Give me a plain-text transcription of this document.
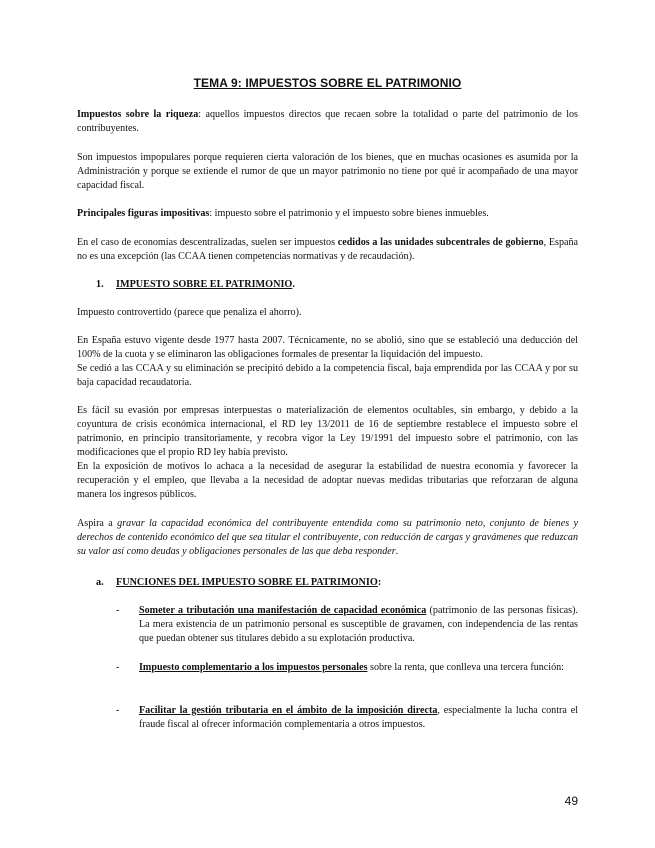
TEMA 9: IMPUESTOS SOBRE EL PATRIMONIO

Impuestos sobre la riqueza: aquellos impuestos directos que recaen sobre la totalidad o parte del patrimonio de los contribuyentes.

Son impuestos impopulares porque requieren cierta valoración de los bienes, que en muchas ocasiones es asumida por la Administración y porque se extiende el rumor de que un mayor patrimonio no tiene por qué ir acompañado de una mayor capacidad fiscal.

Principales figuras impositivas: impuesto sobre el patrimonio y el impuesto sobre bienes inmuebles.

En el caso de economías descentralizadas, suelen ser impuestos cedidos a las unidades subcentrales de gobierno, España no es una excepción (las CCAA tienen competencias normativas y de recaudación).

1. IMPUESTO SOBRE EL PATRIMONIO.

Impuesto controvertido (parece que penaliza el ahorro).

En España estuvo vigente desde 1977 hasta 2007. Técnicamente, no se abolió, sino que se estableció una deducción del 100% de la cuota y se eliminaron las obligaciones formales de presentar la liquidación del impuesto.

Se cedió a las CCAA y su eliminación se precipitó debido a la competencia fiscal, baja emprendida por las CCAA y por su baja capacidad recaudatoria.

Es fácil su evasión por empresas interpuestas o materialización de elementos ocultables, sin embargo, y debido a la coyuntura de crisis económica internacional, el RD ley 13/2011 de 16 de septiembre restablece el impuesto sobre el patrimonio, en principio transitoriamente, y recobra vigor la Ley 19/1991 del impuesto sobre el patrimonio, con las modificaciones que el propio RD ley había previsto.

En la exposición de motivos lo achaca a la necesidad de asegurar la estabilidad de nuestra economía y favorecer la recuperación y el empleo, que llevaba a la necesidad de adoptar nuevas medidas tributarias que reforzaran de alguna manera los ingresos públicos.

Aspira a gravar la capacidad económica del contribuyente entendida como su patrimonio neto, conjunto de bienes y derechos de contenido económico del que sea titular el contribuyente, con reducción de cargas y gravámenes que reduzcan su valor así como deudas y obligaciones personales de las que deba responder.

a. FUNCIONES DEL IMPUESTO SOBRE EL PATRIMONIO:
- Someter a tributación una manifestación de capacidad económica (patrimonio de las personas físicas). La mera existencia de un patrimonio personal es susceptible de gravamen, con independencia de las rentas que puedan obtener sus titulares debido a su explotación productiva.
- Impuesto complementario a los impuestos personales sobre la renta, que conlleva una tercera función:
- Facilitar la gestión tributaria en el ámbito de la imposición directa, especialmente la lucha contra el fraude fiscal al ofrecer información complementaria a otros impuestos.
49
